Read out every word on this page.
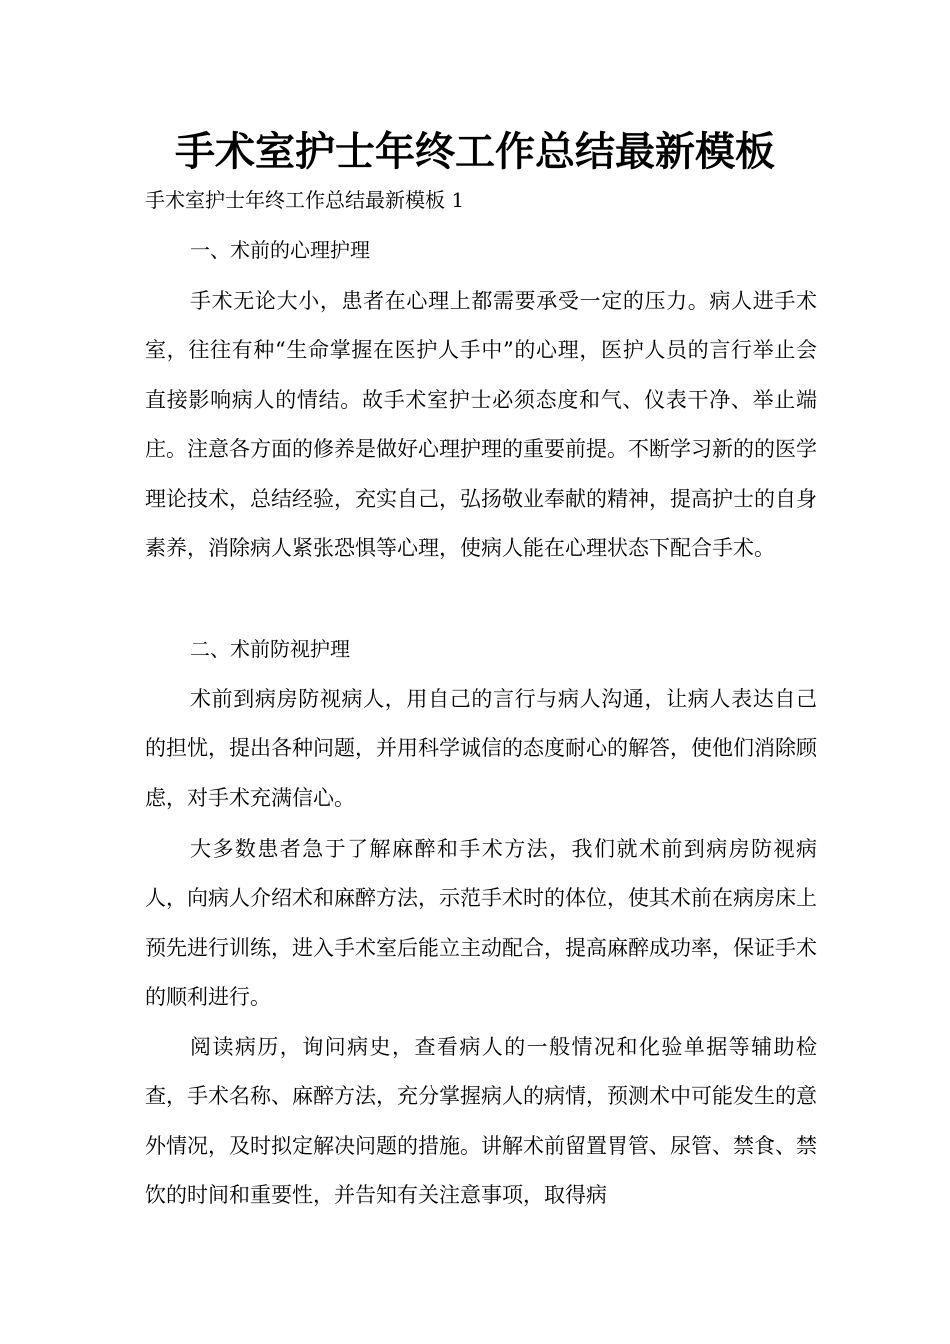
手术室护士年终工作总结最新模板
手术室护士年终工作总结最新模板 1
一、术前的心理护理
手术无论大小，患者在心理上都需要承受一定的压力。病人进手术室，往往有种“生命掌握在医护人手中”的心理，医护人员的言行举止会直接影响病人的情结。故手术室护士必须态度和气、仪表干净、举止端庄。注意各方面的修养是做好心理护理的重要前提。不断学习新的的医学理论技术，总结经验，充实自己，弘扬敬业奉献的精神，提高护士的自身素养，消除病人紧张恐惧等心理，使病人能在心理状态下配合手术。
二、术前防视护理
术前到病房防视病人，用自己的言行与病人沟通，让病人表达自己的担忧，提出各种问题，并用科学诚信的态度耐心的解答，使他们消除顾虑，对手术充满信心。
大多数患者急于了解麻醉和手术方法，我们就术前到病房防视病人，向病人介绍术和麻醉方法，示范手术时的体位，使其术前在病房床上预先进行训练，进入手术室后能立主动配合，提高麻醉成功率，保证手术的顺利进行。
阅读病历，询问病史，查看病人的一般情况和化验单据等辅助检查，手术名称、麻醉方法，充分掌握病人的病情，预测术中可能发生的意外情况，及时拟定解决问题的措施。讲解术前留置胃管、尿管、禁食、禁饮的时间和重要性，并告知有关注意事项，取得病
